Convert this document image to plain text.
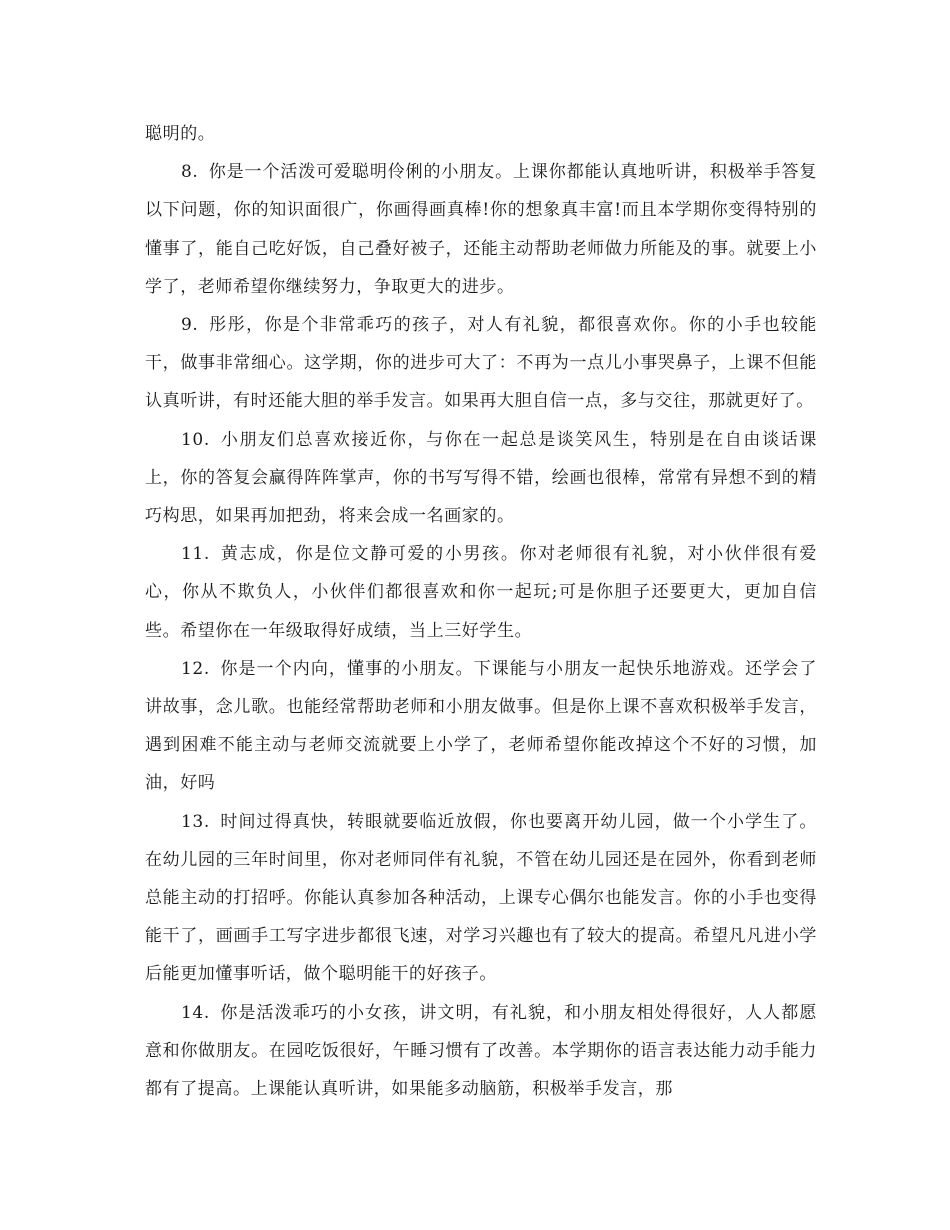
聪明的。

8. 你是一个活泼可爱聪明伶俐的小朋友。上课你都能认真地听讲，积极举手答复以下问题，你的知识面很广，你画得画真棒!你的想象真丰富!而且本学期你变得特别的懂事了，能自己吃好饭，自己叠好被子，还能主动帮助老师做力所能及的事。就要上小学了，老师希望你继续努力，争取更大的进步。

9. 彤彤，你是个非常乖巧的孩子，对人有礼貌，都很喜欢你。你的小手也较能干，做事非常细心。这学期，你的进步可大了：不再为一点儿小事哭鼻子，上课不但能认真听讲，有时还能大胆的举手发言。如果再大胆自信一点，多与交往，那就更好了。

10. 小朋友们总喜欢接近你，与你在一起总是谈笑风生，特别是在自由谈话课上，你的答复会赢得阵阵掌声，你的书写写得不错，绘画也很棒，常常有异想不到的精巧构思，如果再加把劲，将来会成一名画家的。

11. 黄志成，你是位文静可爱的小男孩。你对老师很有礼貌，对小伙伴很有爱心，你从不欺负人，小伙伴们都很喜欢和你一起玩;可是你胆子还要更大，更加自信些。希望你在一年级取得好成绩，当上三好学生。

12. 你是一个内向，懂事的小朋友。下课能与小朋友一起快乐地游戏。还学会了讲故事，念儿歌。也能经常帮助老师和小朋友做事。但是你上课不喜欢积极举手发言，遇到困难不能主动与老师交流就要上小学了，老师希望你能改掉这个不好的习惯，加油，好吗

13. 时间过得真快，转眼就要临近放假，你也要离开幼儿园，做一个小学生了。在幼儿园的三年时间里，你对老师同伴有礼貌，不管在幼儿园还是在园外，你看到老师总能主动的打招呼。你能认真参加各种活动，上课专心偶尔也能发言。你的小手也变得能干了，画画手工写字进步都很飞速，对学习兴趣也有了较大的提高。希望凡凡进小学后能更加懂事听话，做个聪明能干的好孩子。

14. 你是活泼乖巧的小女孩，讲文明，有礼貌，和小朋友相处得很好，人人都愿意和你做朋友。在园吃饭很好，午睡习惯有了改善。本学期你的语言表达能力动手能力都有了提高。上课能认真听讲，如果能多动脑筋，积极举手发言，那
